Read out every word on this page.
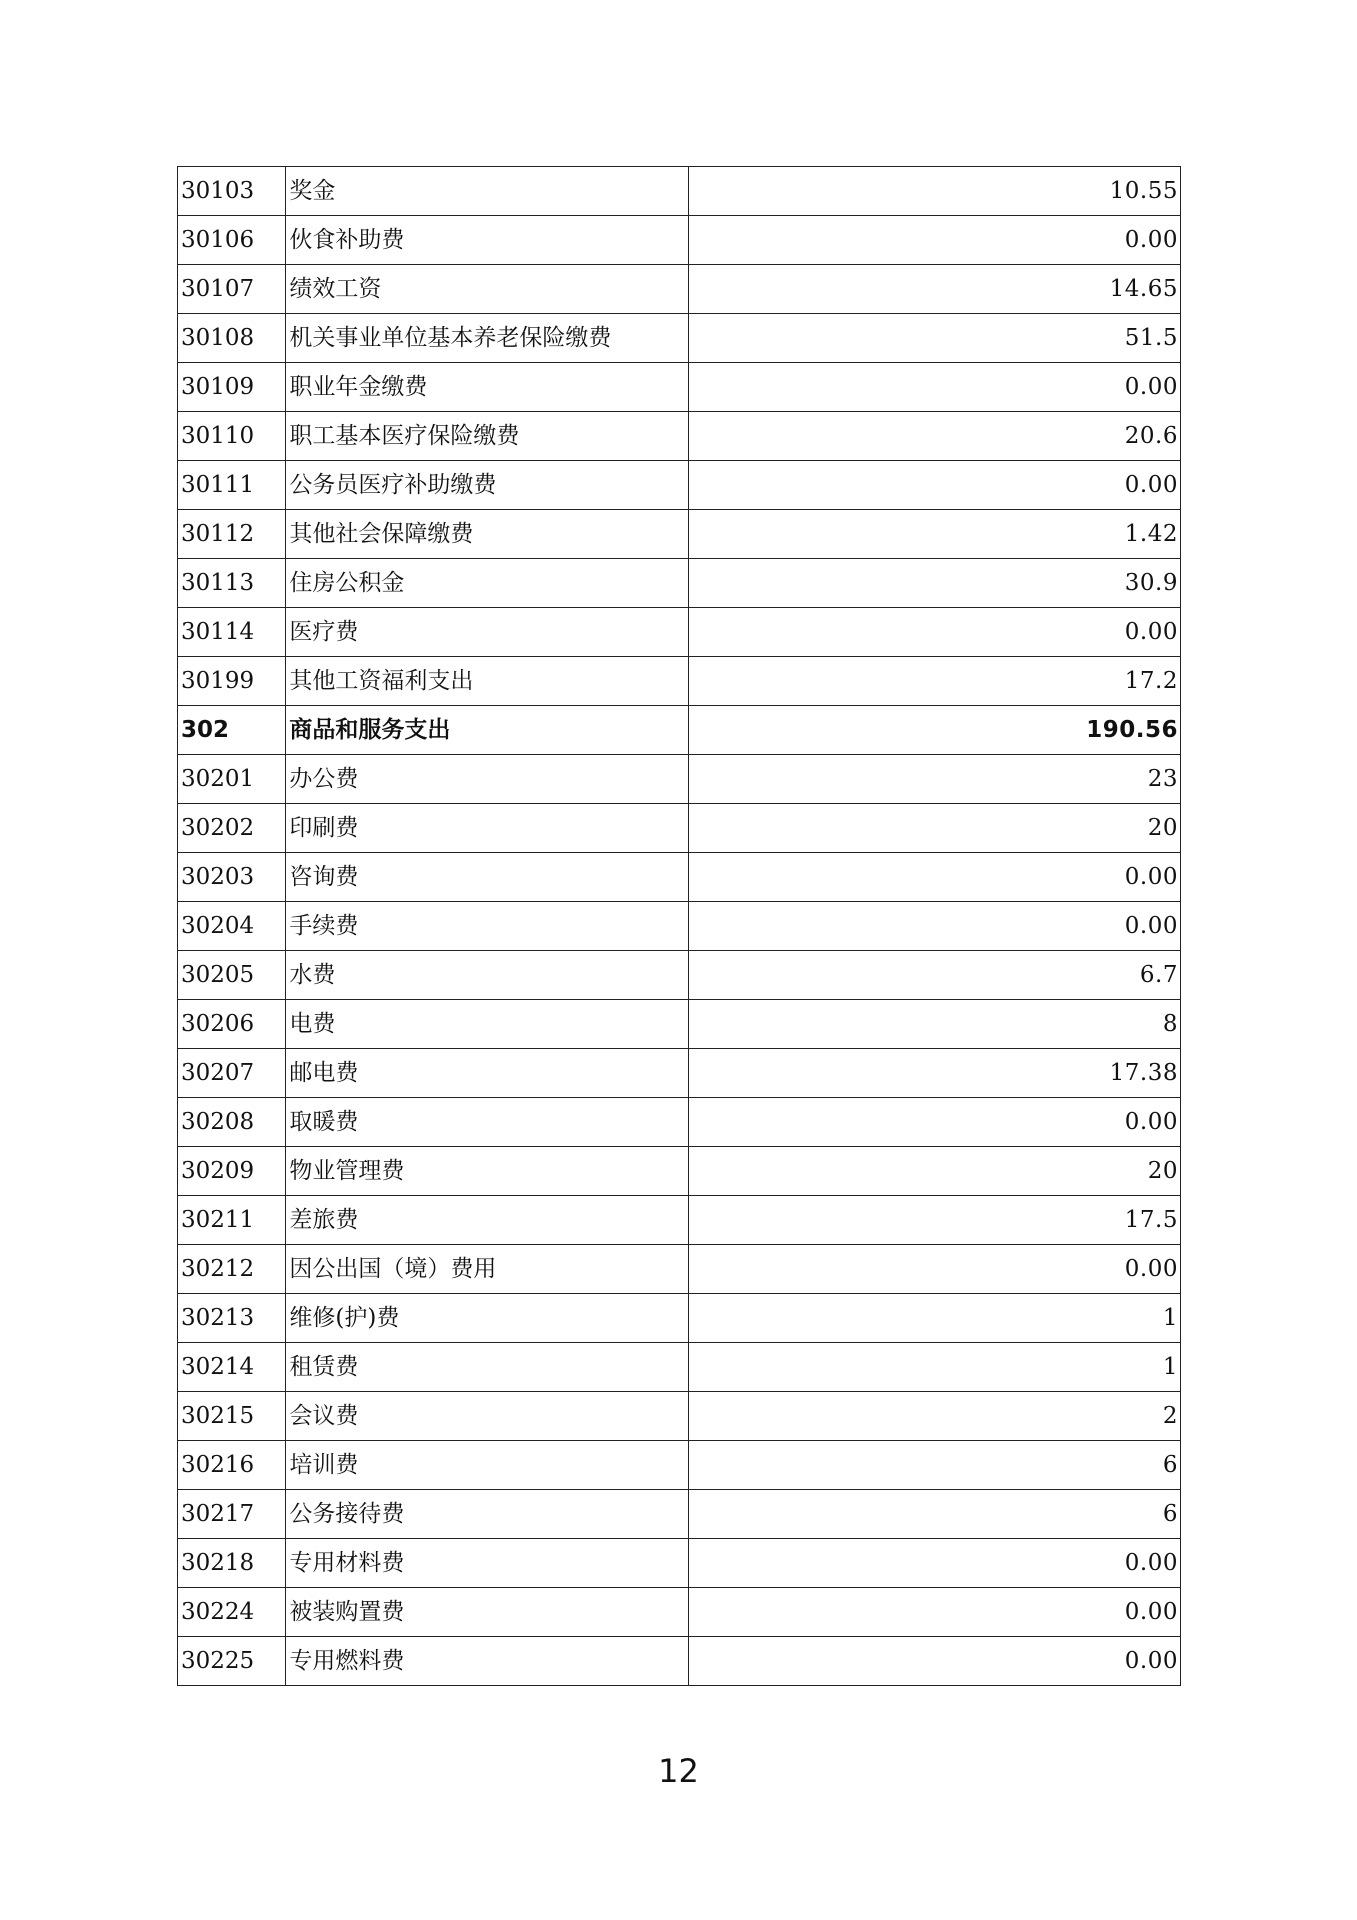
30103	奖金	10.55
30106	伙食补助费	0.00
30107	绩效工资	14.65
30108	机关事业单位基本养老保险缴费	51.5
30109	职业年金缴费	0.00
30110	职工基本医疗保险缴费	20.6
30111	公务员医疗补助缴费	0.00
30112	其他社会保障缴费	1.42
30113	住房公积金	30.9
30114	医疗费	0.00
30199	其他工资福利支出	17.2
302	商品和服务支出	190.56
30201	办公费	23
30202	印刷费	20
30203	咨询费	0.00
30204	手续费	0.00
30205	水费	6.7
30206	电费	8
30207	邮电费	17.38
30208	取暖费	0.00
30209	物业管理费	20
30211	差旅费	17.5
30212	因公出国（境）费用	0.00
30213	维修(护)费	1
30214	租赁费	1
30215	会议费	2
30216	培训费	6
30217	公务接待费	6
30218	专用材料费	0.00
30224	被装购置费	0.00
30225	专用燃料费	0.00
12
